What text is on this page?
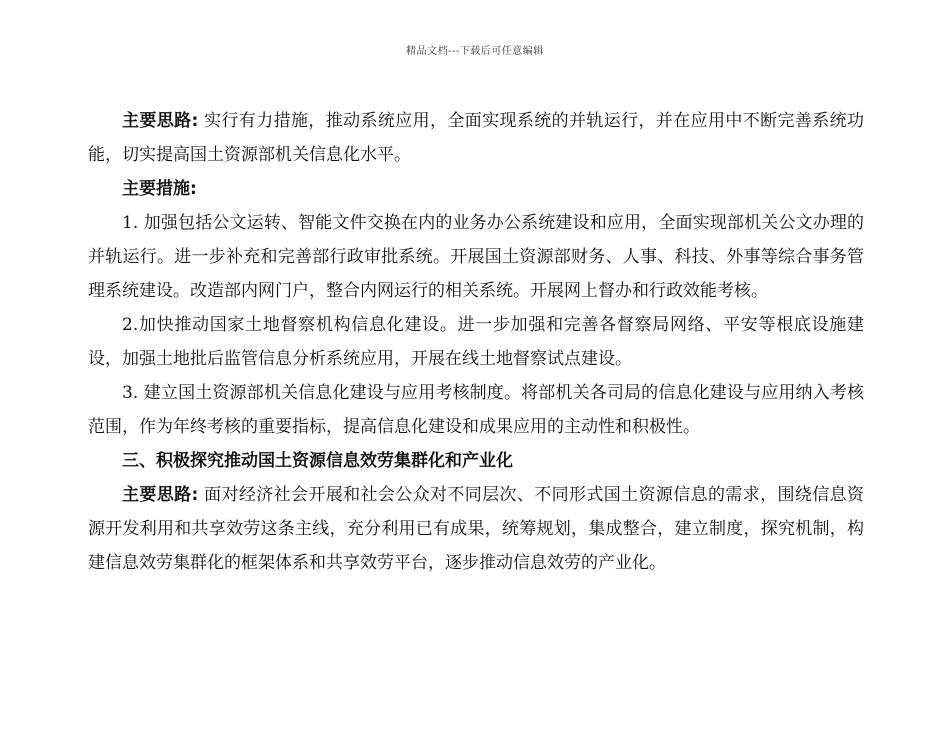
精品文档---下载后可任意编辑

主要思路: 实行有力措施，推动系统应用，全面实现系统的并轨运行，并在应用中不断完善系统功能，切实提高国土资源部机关信息化水平。

主要措施:

1. 加强包括公文运转、智能文件交换在内的业务办公系统建设和应用，全面实现部机关公文办理的并轨运行。进一步补充和完善部行政审批系统。开展国土资源部财务、人事、科技、外事等综合事务管理系统建设。改造部内网门户，整合内网运行的相关系统。开展网上督办和行政效能考核。

2.加快推动国家土地督察机构信息化建设。进一步加强和完善各督察局网络、平安等根底设施建设，加强土地批后监管信息分析系统应用，开展在线土地督察试点建设。

3. 建立国土资源部机关信息化建设与应用考核制度。将部机关各司局的信息化建设与应用纳入考核范围，作为年终考核的重要指标，提高信息化建设和成果应用的主动性和积极性。

三、积极探究推动国土资源信息效劳集群化和产业化

主要思路: 面对经济社会开展和社会公众对不同层次、不同形式国土资源信息的需求，围绕信息资源开发利用和共享效劳这条主线，充分利用已有成果，统筹规划，集成整合，建立制度，探究机制，构建信息效劳集群化的框架体系和共享效劳平台，逐步推动信息效劳的产业化。
